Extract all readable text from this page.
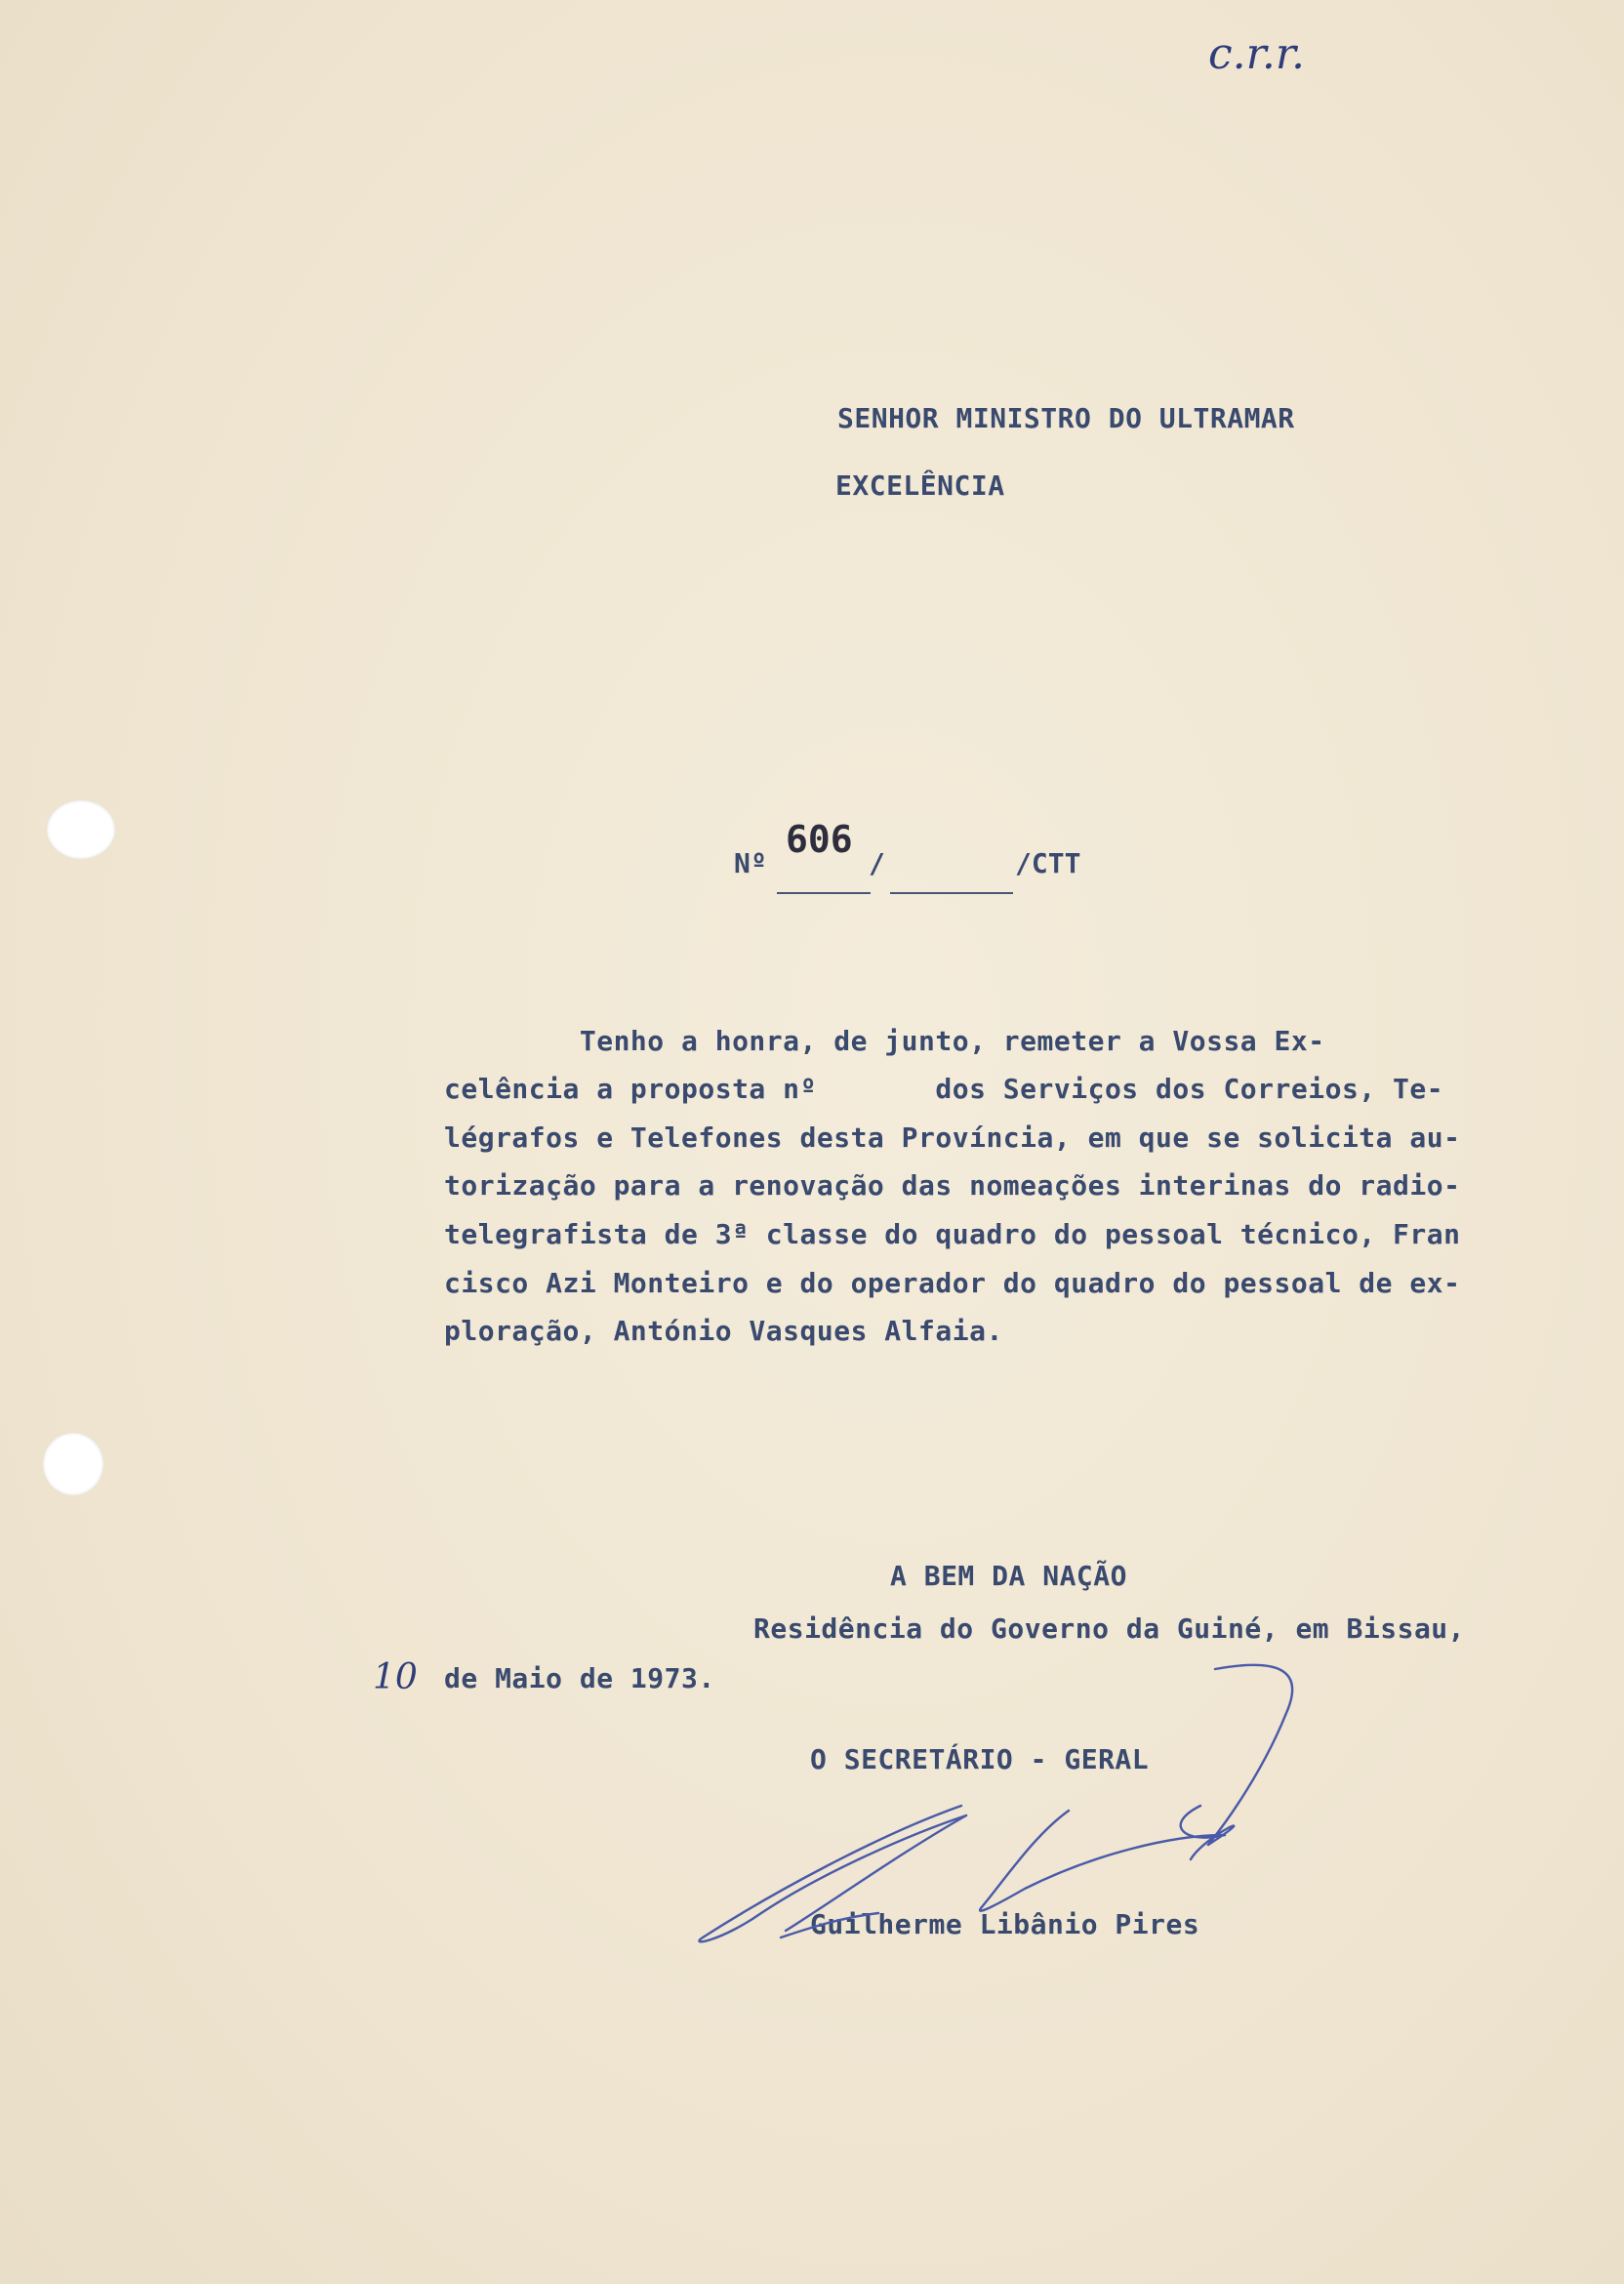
c.r.r.

SENHOR MINISTRO DO ULTRAMAR

EXCELÊNCIA

Nº
606
/	/CTT

Tenho a honra, de junto, remeter a Vossa Ex-

celência a proposta nº       dos Serviços dos Correios, Te-

légrafos e Telefones desta Província, em que se solicita au-

torização para a renovação das nomeações interinas do radio-

telegrafista de 3ª classe do quadro do pessoal técnico, Fran

cisco Azi Monteiro e do operador do quadro do pessoal de ex-

ploração, António Vasques Alfaia.

A BEM DA NAÇÃO

Residência do Governo da Guiné, em Bissau,

10 de Maio de 1973.

O SECRETÁRIO - GERAL

Guilherme Libânio Pires
